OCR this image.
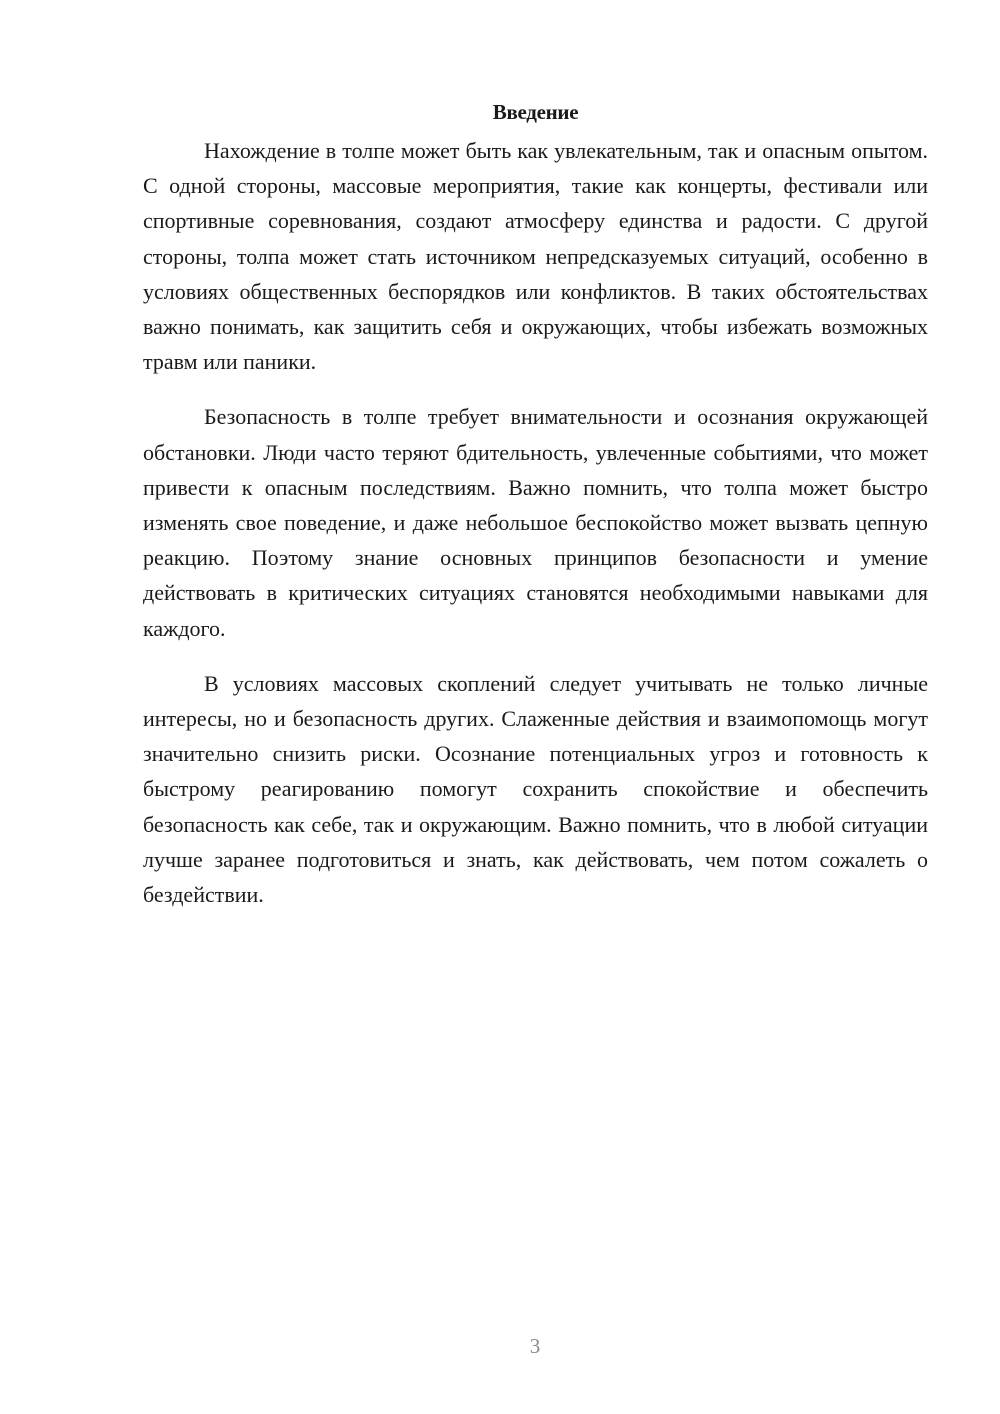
Введение

Нахождение в толпе может быть как увлекательным, так и опасным опытом. С одной стороны, массовые мероприятия, такие как концерты, фестивали или спортивные соревнования, создают атмосферу единства и радости. С другой стороны, толпа может стать источником непредсказуемых ситуаций, особенно в условиях общественных беспорядков или конфликтов. В таких обстоятельствах важно понимать, как защитить себя и окружающих, чтобы избежать возможных травм или паники.

Безопасность в толпе требует внимательности и осознания окружающей обстановки. Люди часто теряют бдительность, увлеченные событиями, что может привести к опасным последствиям. Важно помнить, что толпа может быстро изменять свое поведение, и даже небольшое беспокойство может вызвать цепную реакцию. Поэтому знание основных принципов безопасности и умение действовать в критических ситуациях становятся необходимыми навыками для каждого.

В условиях массовых скоплений следует учитывать не только личные интересы, но и безопасность других. Слаженные действия и взаимопомощь могут значительно снизить риски. Осознание потенциальных угроз и готовность к быстрому реагированию помогут сохранить спокойствие и обеспечить безопасность как себе, так и окружающим. Важно помнить, что в любой ситуации лучше заранее подготовиться и знать, как действовать, чем потом сожалеть о бездействии.

3
